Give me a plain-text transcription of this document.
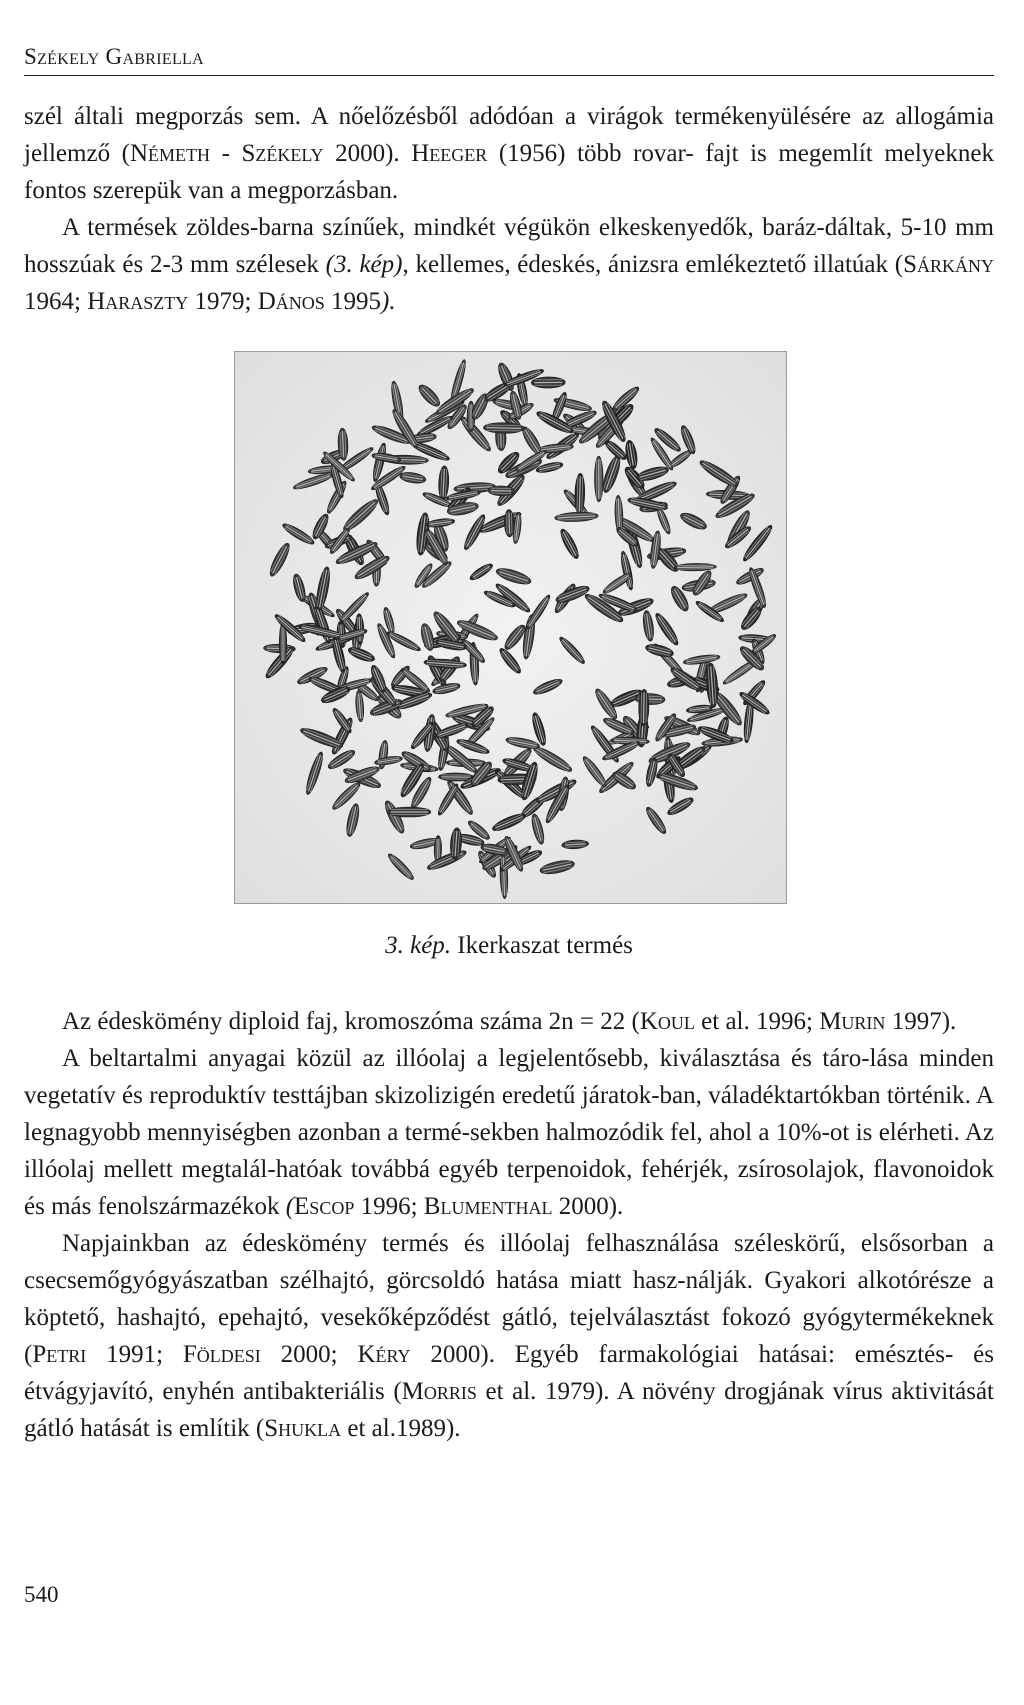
Székely Gabriella

szél általi megporzás sem. A nőelőzésből adódóan a virágok termékenyülésére az allogámia jellemző (Németh - Székely 2000). Heeger (1956) több rovar- fajt is megemlít melyeknek fontos szerepük van a megporzásban.

A termések zöldes-barna színűek, mindkét végükön elkeskenyedők, baráz-dáltak, 5-10 mm hosszúak és 2-3 mm szélesek (3. kép), kellemes, édeskés, ánizsra emlékeztető illatúak (Sárkány 1964; Haraszty 1979; Dános 1995).

3. kép. Ikerkaszat termés

Az édeskömény diploid faj, kromoszóma száma 2n = 22 (Koul et al. 1996; Murin 1997).

A beltartalmi anyagai közül az illóolaj a legjelentősebb, kiválasztása és táro-lása minden vegetatív és reproduktív testtájban skizolizigén eredetű járatok-ban, váladéktartókban történik. A legnagyobb mennyiségben azonban a termé-sekben halmozódik fel, ahol a 10%-ot is elérheti. Az illóolaj mellett megtalál-hatóak továbbá egyéb terpenoidok, fehérjék, zsírosolajok, flavonoidok és más fenolszármazékok (Escop 1996; Blumenthal 2000).

Napjainkban az édeskömény termés és illóolaj felhasználása széleskörű, elsősorban a csecsemőgyógyászatban szélhajtó, görcsoldó hatása miatt hasz-nálják. Gyakori alkotórésze a köptető, hashajtó, epehajtó, vesekőképződést gátló, tejelválasztást fokozó gyógytermékeknek (Petri 1991; Földesi 2000; Kéry 2000). Egyéb farmakológiai hatásai: emésztés- és étvágyjavító, enyhén antibakteriális (Morris et al. 1979). A növény drogjának vírus aktivitását gátló hatását is említik (Shukla et al.1989).

540
